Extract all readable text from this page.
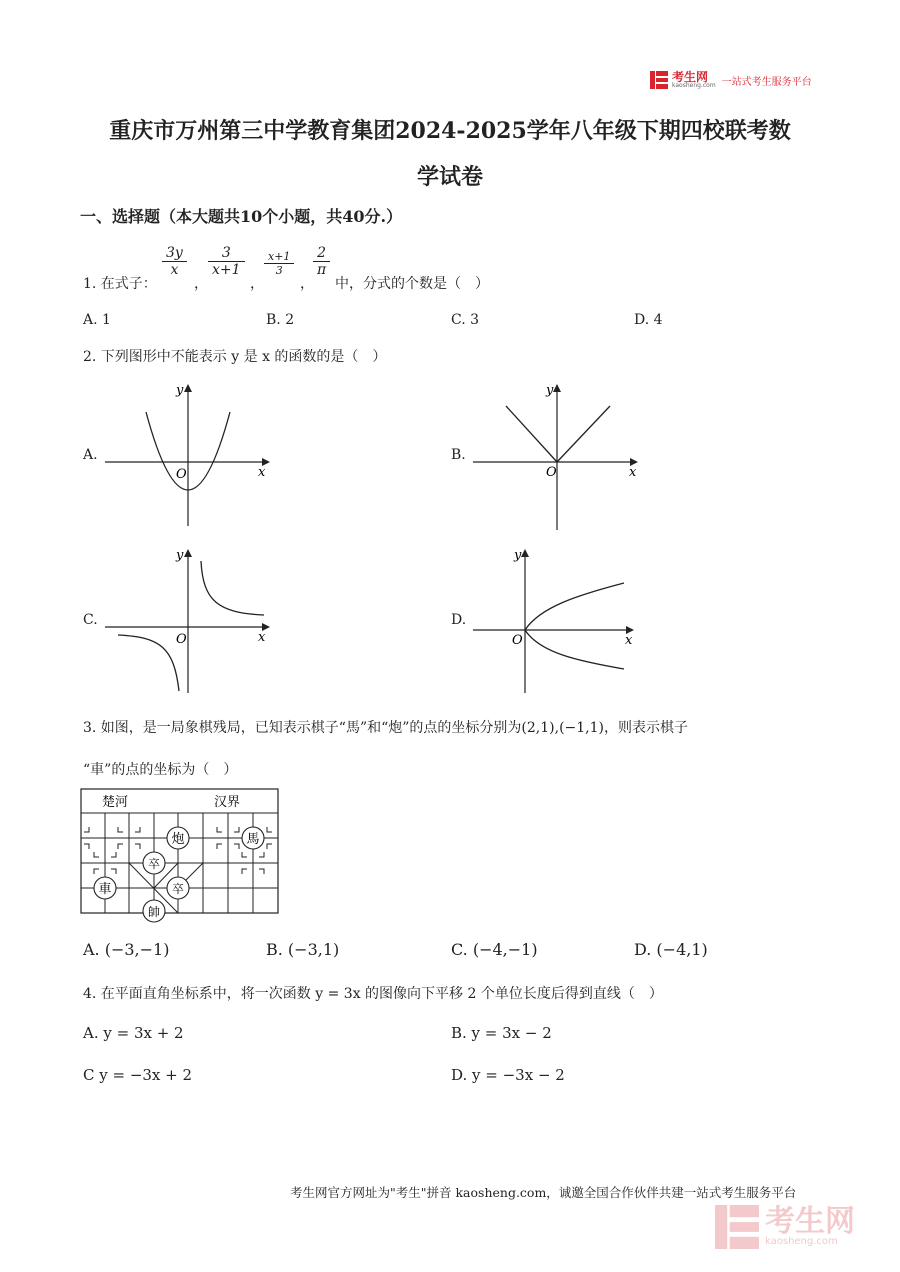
考生网
kaosheng.com 一站式考生服务平台
重庆市万州第三中学教育集团2024-2025学年八年级下期四校联考数
学试卷
一、选择题（本大题共10个小题，共40分.）
1. 在式子：
$\frac{3y}{x}$
，
$\frac{3}{x+1}$
，
$\frac{x+1}{3}$
，
$\frac{2}{\pi}$
中，分式的个数是（　）
A. 1	B. 2	C. 3	D. 4
2. 下列图形中不能表示 y 是 x 的函数的是（　）
A.	B.
C.	D.
y
O	x
y
O	x
y
O	x
y
O	x
3. 如图，是一局象棋残局，已知表示棋子“馬”和“炮”的点的坐标分别为(2,1),(−1,1)，则表示棋子
“車”的点的坐标为（　）
楚河	汉界
炮	馬
卒
卒
車
帥
A. (−3,−1)	B. (−3,1)	C. (−4,−1)	D. (−4,1)
4. 在平面直角坐标系中，将一次函数 y = 3x 的图像向下平移 2 个单位长度后得到直线（　）
A. y = 3x + 2	B. y = 3x − 2
C y = −3x + 2	D. y = −3x − 2
考生网官方网址为"考生"拼音 kaosheng.com，诚邀全国合作伙伴共建一站式考生服务平台
考生网
kaosheng.com
